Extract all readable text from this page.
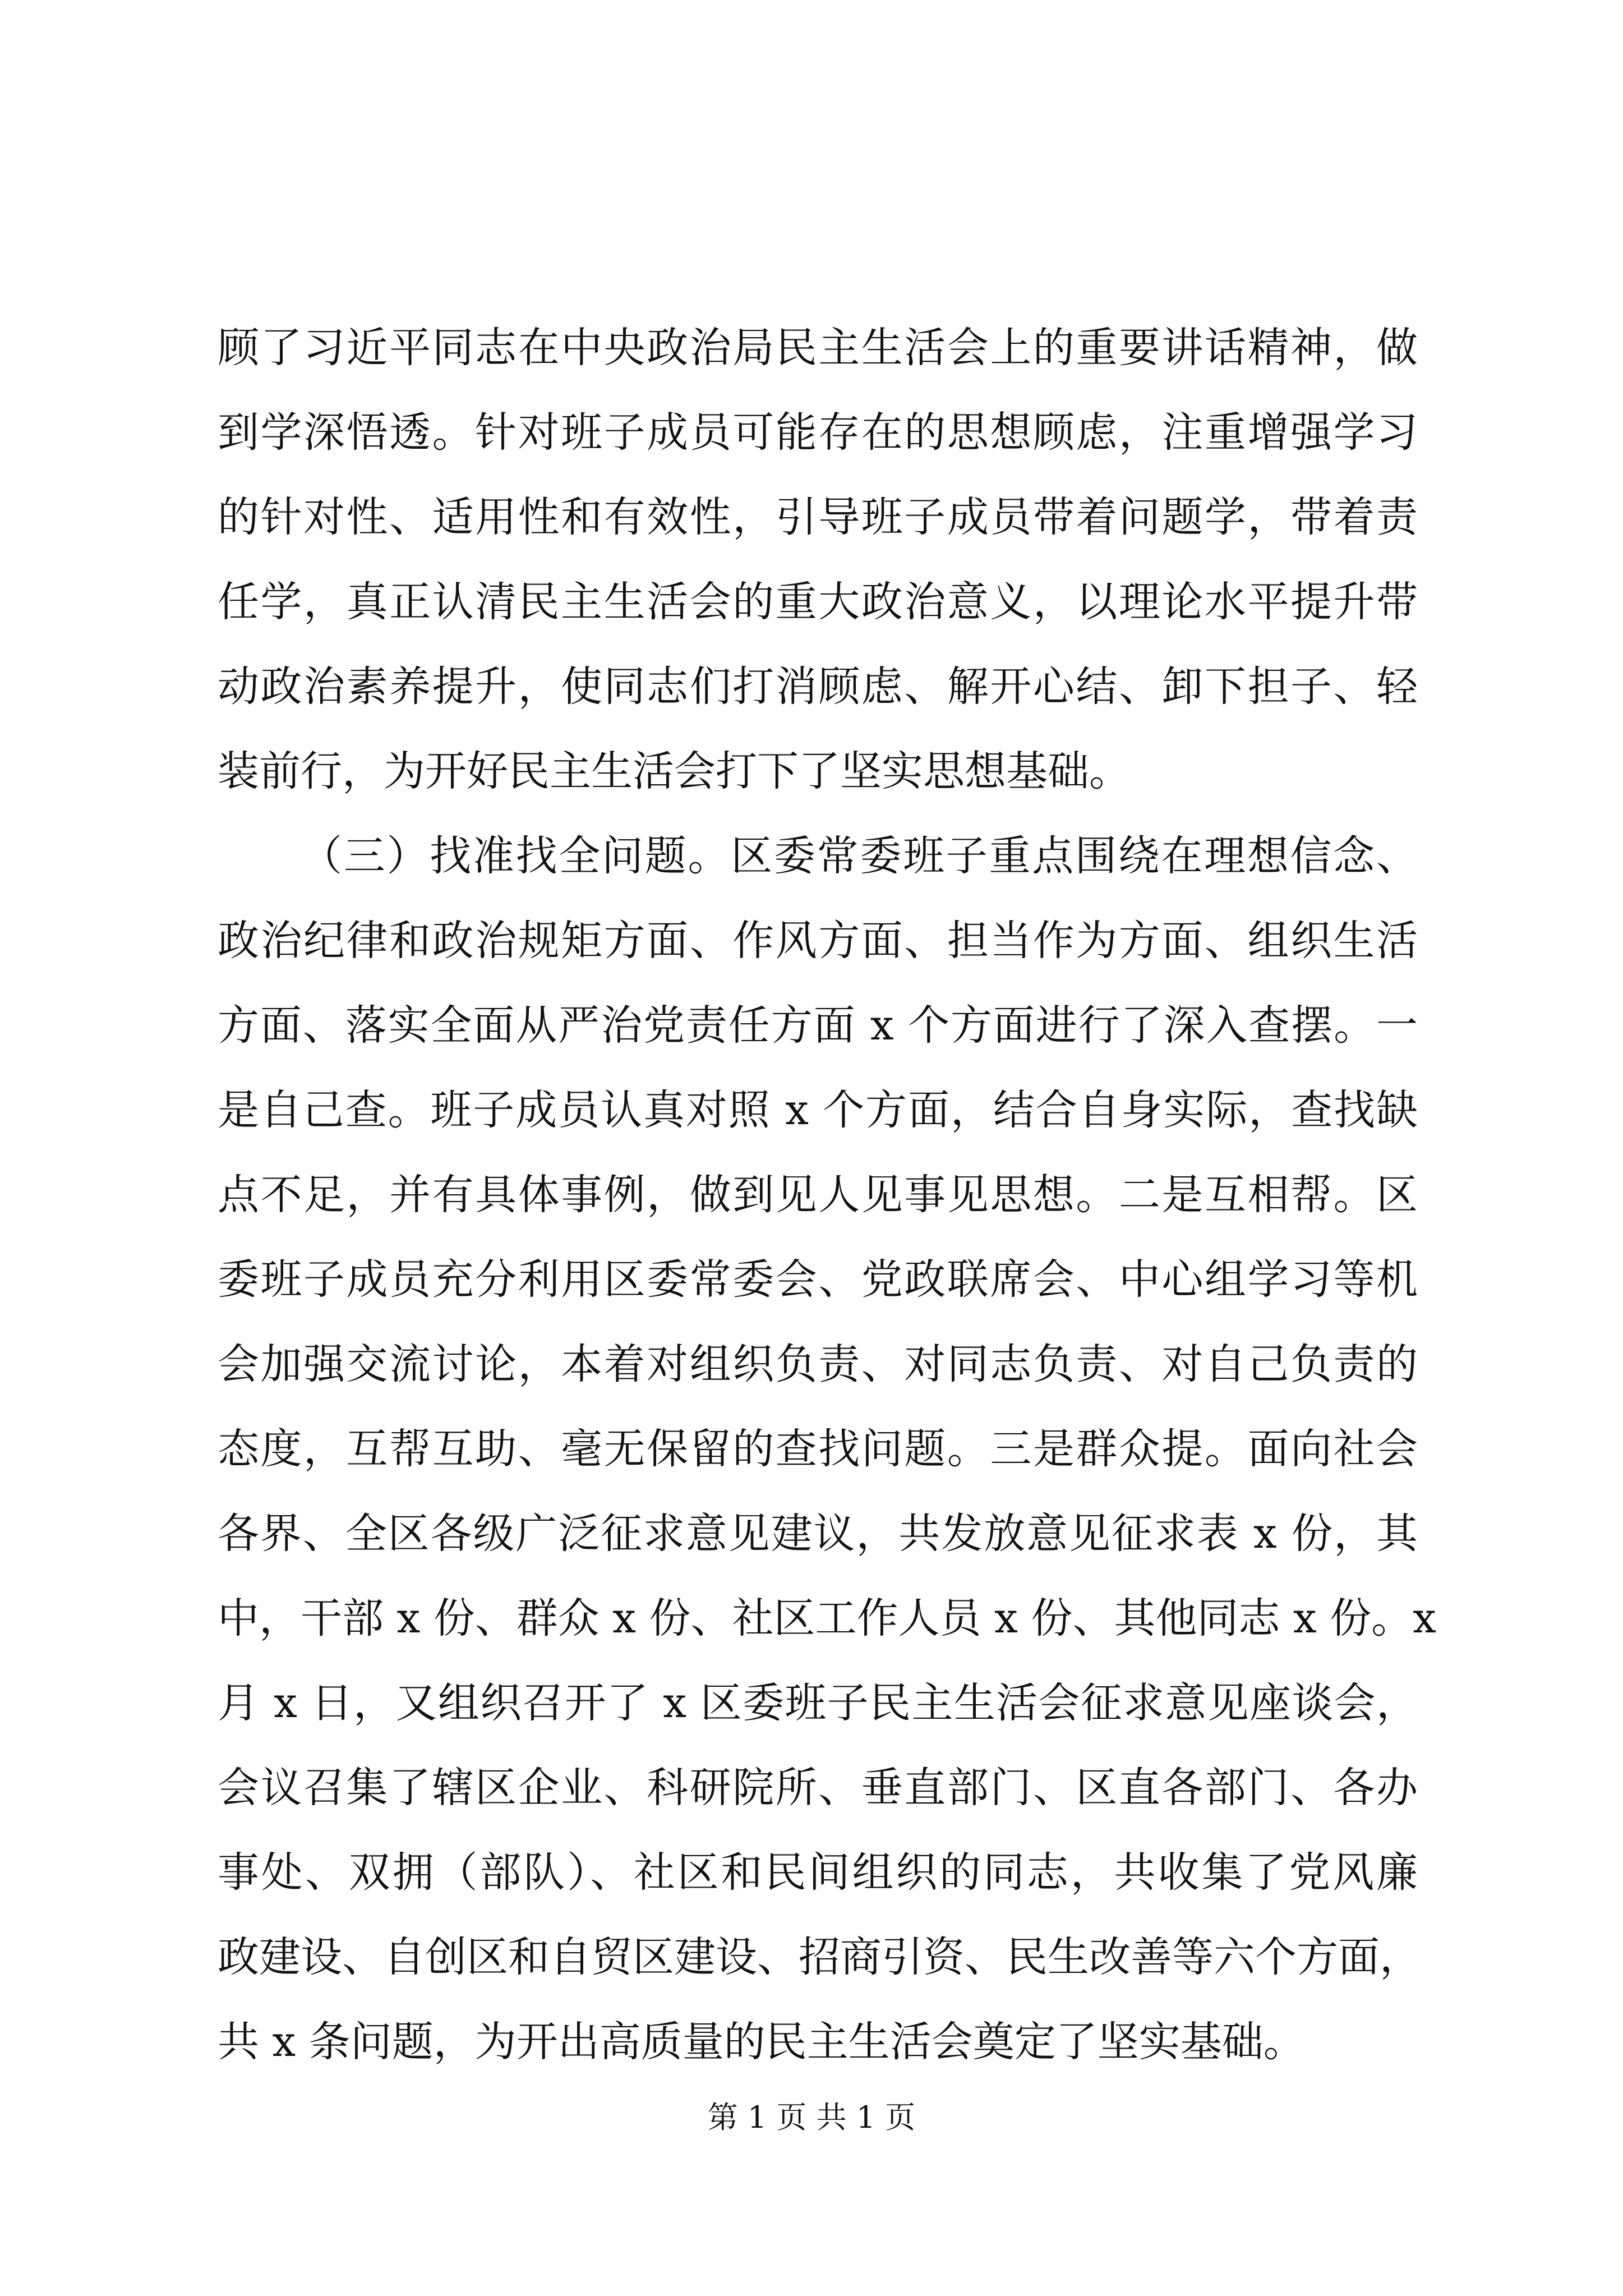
顾了习近平同志在中央政治局民主生活会上的重要讲话精神，做
到学深悟透。针对班子成员可能存在的思想顾虑，注重增强学习
的针对性、适用性和有效性，引导班子成员带着问题学，带着责
任学，真正认清民主生活会的重大政治意义，以理论水平提升带
动政治素养提升，使同志们打消顾虑、解开心结、卸下担子、轻
装前行，为开好民主生活会打下了坚实思想基础。
（三）找准找全问题。区委常委班子重点围绕在理想信念、
政治纪律和政治规矩方面、作风方面、担当作为方面、组织生活
方面、落实全面从严治党责任方面 x 个方面进行了深入查摆。一
是自己查。班子成员认真对照 x 个方面，结合自身实际，查找缺
点不足，并有具体事例，做到见人见事见思想。二是互相帮。区
委班子成员充分利用区委常委会、党政联席会、中心组学习等机
会加强交流讨论，本着对组织负责、对同志负责、对自己负责的
态度，互帮互助、毫无保留的查找问题。三是群众提。面向社会
各界、全区各级广泛征求意见建议，共发放意见征求表 x 份，其
中，干部 x 份、群众 x 份、社区工作人员 x 份、其他同志 x 份。x
月 x 日，又组织召开了 x 区委班子民主生活会征求意见座谈会，
会议召集了辖区企业、科研院所、垂直部门、区直各部门、各办
事处、双拥（部队）、社区和民间组织的同志，共收集了党风廉
政建设、自创区和自贸区建设、招商引资、民生改善等六个方面，
共 x 条问题，为开出高质量的民主生活会奠定了坚实基础。
第 1 页 共 1 页
